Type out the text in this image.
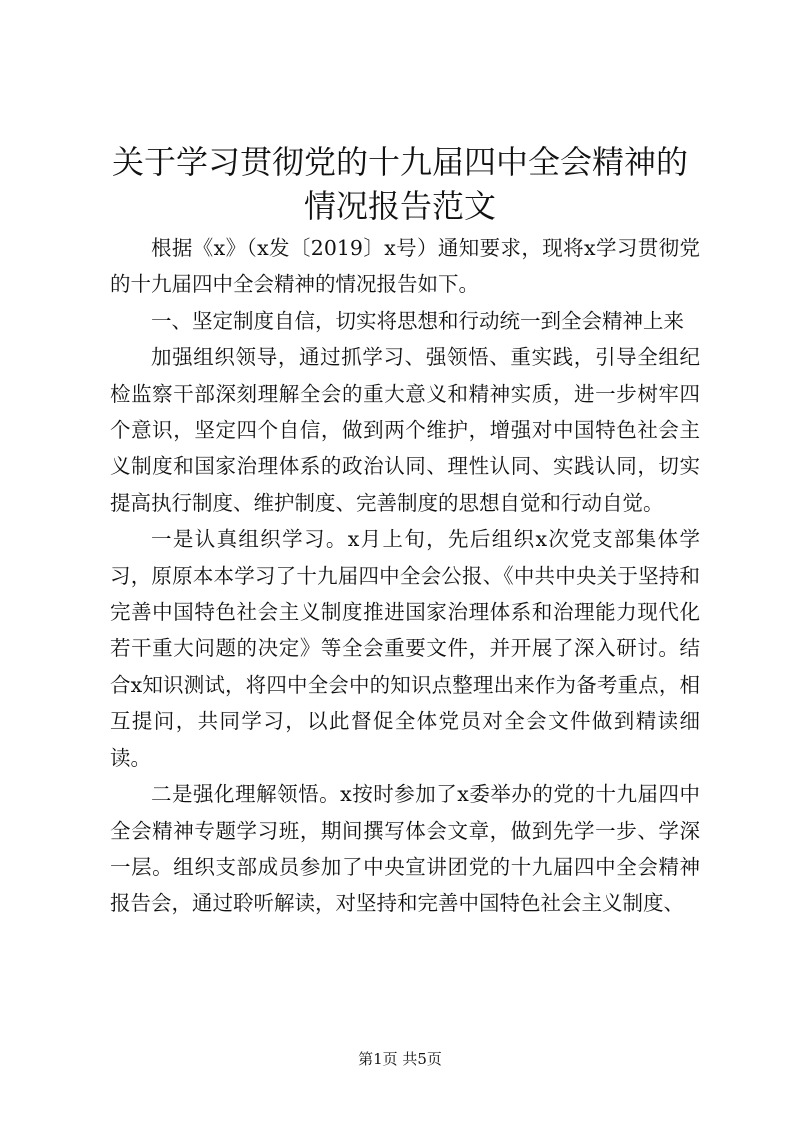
关于学习贯彻党的十九届四中全会精神的情况报告范文

根据《x》（x发〔2019〕x号）通知要求，现将x学习贯彻党的十九届四中全会精神的情况报告如下。

一、坚定制度自信，切实将思想和行动统一到全会精神上来

加强组织领导，通过抓学习、强领悟、重实践，引导全组纪检监察干部深刻理解全会的重大意义和精神实质，进一步树牢四个意识，坚定四个自信，做到两个维护，增强对中国特色社会主义制度和国家治理体系的政治认同、理性认同、实践认同，切实提高执行制度、维护制度、完善制度的思想自觉和行动自觉。

一是认真组织学习。x月上旬，先后组织x次党支部集体学习，原原本本学习了十九届四中全会公报、《中共中央关于坚持和完善中国特色社会主义制度推进国家治理体系和治理能力现代化若干重大问题的决定》等全会重要文件，并开展了深入研讨。结合x知识测试，将四中全会中的知识点整理出来作为备考重点，相互提问，共同学习，以此督促全体党员对全会文件做到精读细读。

二是强化理解领悟。x按时参加了x委举办的党的十九届四中全会精神专题学习班，期间撰写体会文章，做到先学一步、学深一层。组织支部成员参加了中央宣讲团党的十九届四中全会精神报告会，通过聆听解读，对坚持和完善中国特色社会主义制度、

第1页 共5页
